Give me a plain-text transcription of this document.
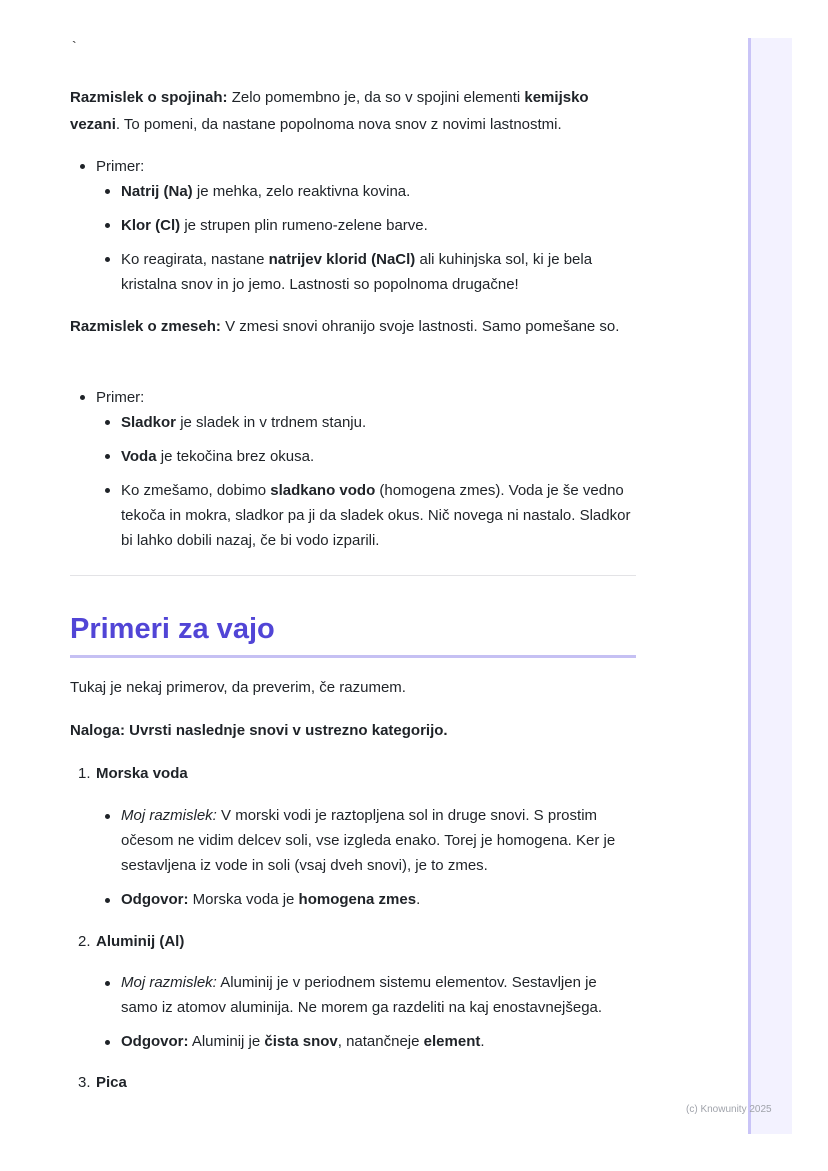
`

Razmislek o spojinah: Zelo pomembno je, da so v spojini elementi kemijsko vezani. To pomeni, da nastane popolnoma nova snov z novimi lastnostmi.

Primer:

Natrij (Na) je mehka, zelo reaktivna kovina.

Klor (Cl) je strupen plin rumeno-zelene barve.

Ko reagirata, nastane natrijev klorid (NaCl) ali kuhinjska sol, ki je bela kristalna snov in jo jemo. Lastnosti so popolnoma drugačne!

Razmislek o zmeseh: V zmesi snovi ohranijo svoje lastnosti. Samo pomešane so.

Primer:

Sladkor je sladek in v trdnem stanju.

Voda je tekočina brez okusa.

Ko zmešamo, dobimo sladkano vodo (homogena zmes). Voda je še vedno tekoča in mokra, sladkor pa ji da sladek okus. Nič novega ni nastalo. Sladkor bi lahko dobili nazaj, če bi vodo izparili.

Primeri za vajo

Tukaj je nekaj primerov, da preverim, če razumem.

Naloga: Uvrsti naslednje snovi v ustrezno kategorijo.

1. Morska voda

Moj razmislek: V morski vodi je raztopljena sol in druge snovi. S prostim očesom ne vidim delcev soli, vse izgleda enako. Torej je homogena. Ker je sestavljena iz vode in soli (vsaj dveh snovi), je to zmes.

Odgovor: Morska voda je homogena zmes.

2. Aluminij (Al)

Moj razmislek: Aluminij je v periodnem sistemu elementov. Sestavljen je samo iz atomov aluminija. Ne morem ga razdeliti na kaj enostavnejšega.

Odgovor: Aluminij je čista snov, natančneje element.

3. Pica

(c) Knowunity 2025
